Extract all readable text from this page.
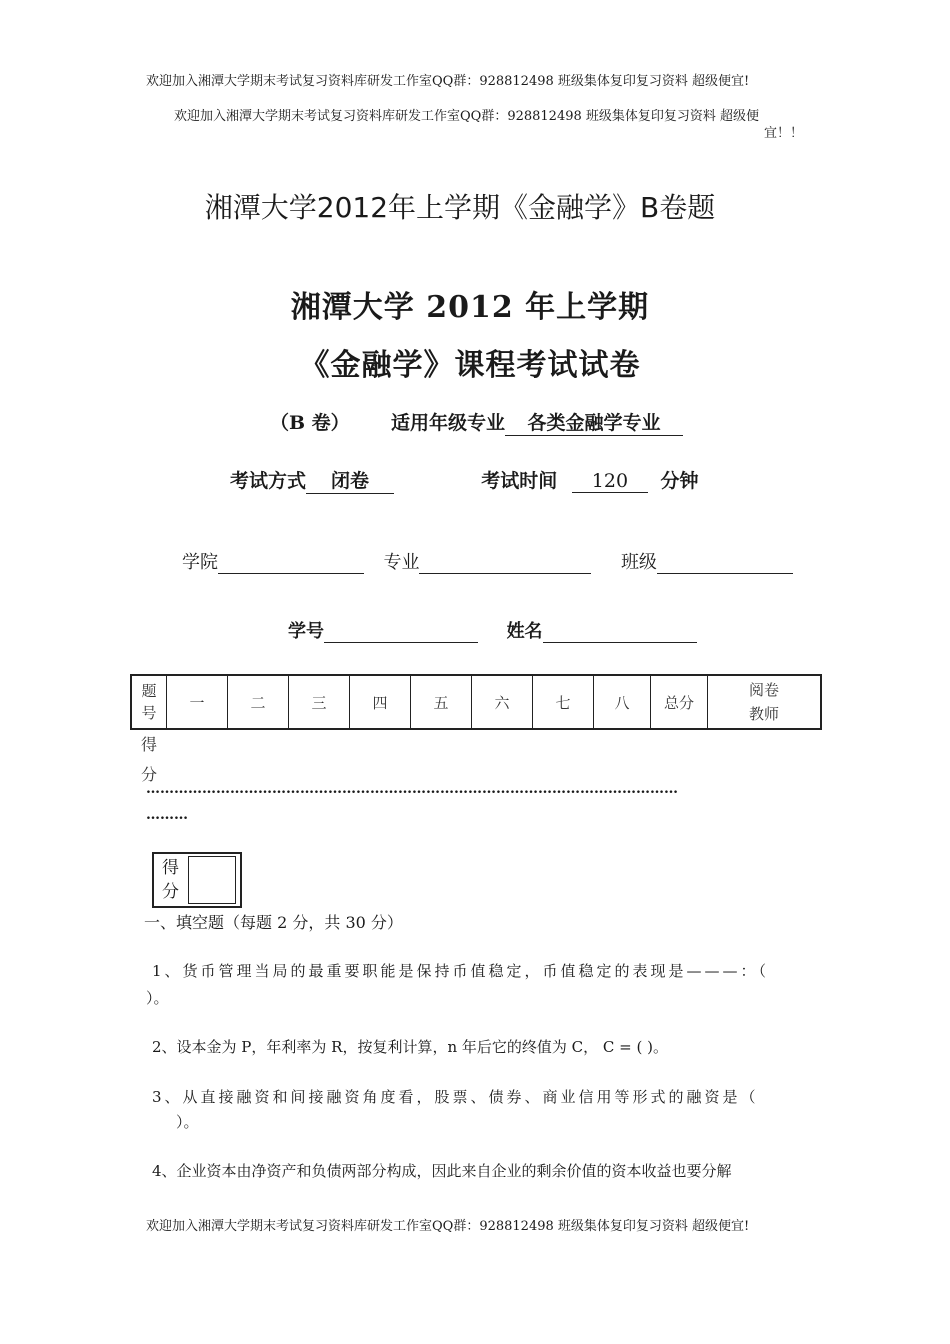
欢迎加入湘潭大学期末考试复习资料库研发工作室QQ群：928812498 班级集体复印复习资料 超级便宜!
欢迎加入湘潭大学期末考试复习资料库研发工作室QQ群：928812498 班级集体复印复习资料 超级便
宜！！
湘潭大学2012年上学期《金融学》B卷题
湘潭大学 2012 年上学期
《金融学》课程考试试卷
（B 卷） 适用年级专业 各类金融学专业
考试方式 闭卷	考试时间 120 分钟
学院	专业	班级
学号	姓名
题
号	一	二	三	四	五	六	七	八	总分	阅卷
教师
得
分
……………………………………………………………………………………………………
………
得
分
一、填空题（每题 2 分，共 30 分）
1、货币管理当局的最重要职能是保持币值稳定，币值稳定的表现是———：（
）。
2、设本金为 P，年利率为 R，按复利计算，n 年后它的终值为 C， C = ( )。
3、从直接融资和间接融资角度看，股票、债券、商业信用等形式的融资是（
）。
4、企业资本由净资产和负债两部分构成，因此来自企业的剩余价值的资本收益也要分解
欢迎加入湘潭大学期末考试复习资料库研发工作室QQ群：928812498 班级集体复印复习资料 超级便宜!
